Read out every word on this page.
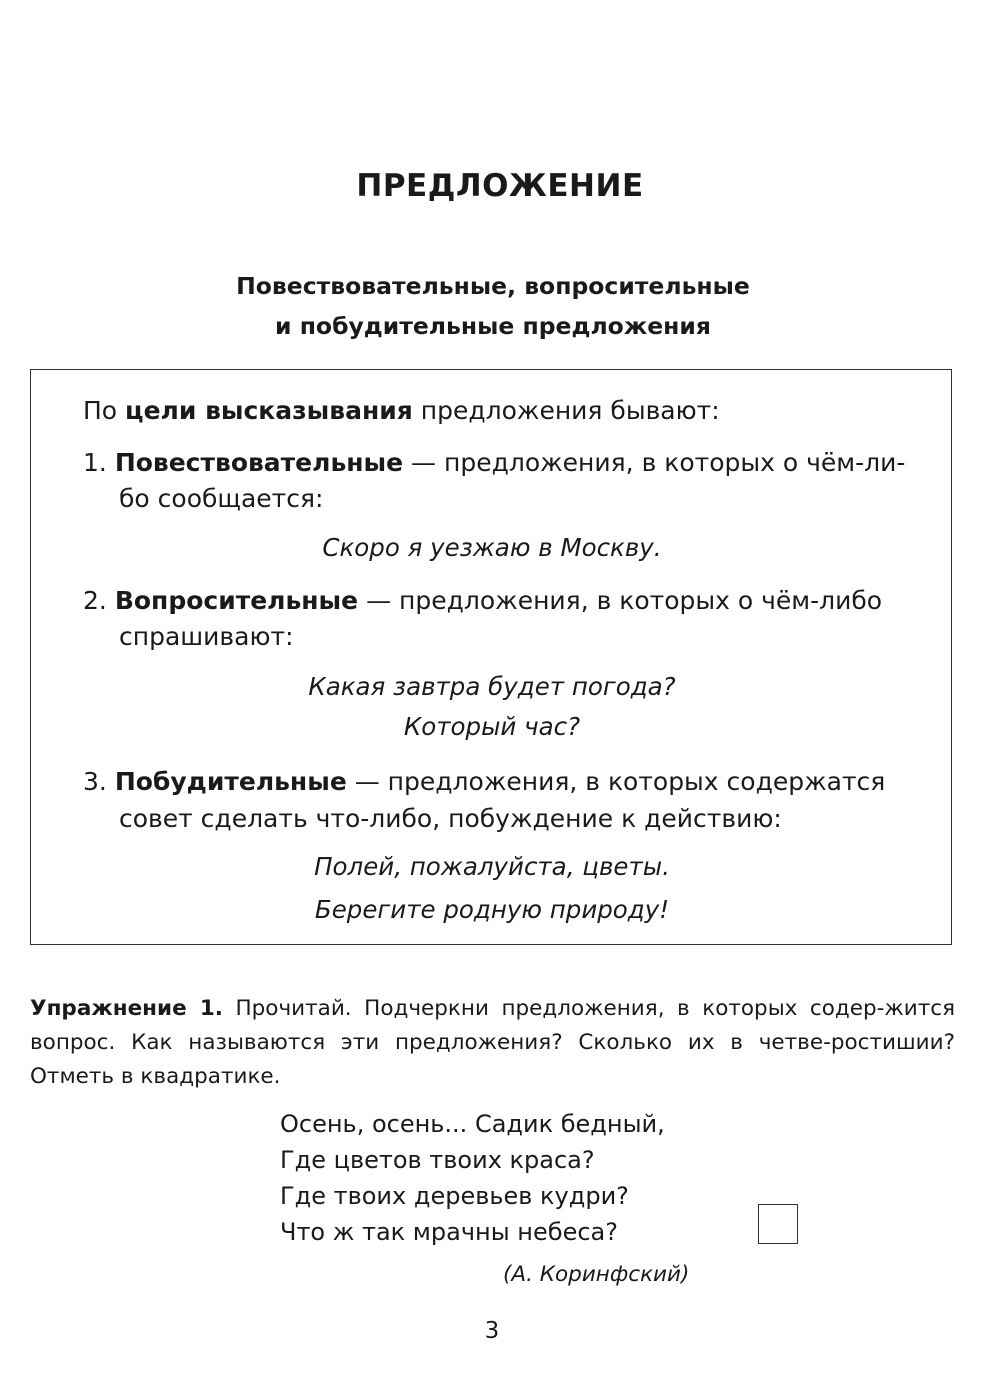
ПРЕДЛОЖЕНИЕ
Повествовательные, вопросительные
и побудительные предложения
По цели высказывания предложения бывают:
1. Повествовательные — предложения, в которых о чём-ли-
бо сообщается:
Скоро я уезжаю в Москву.
2. Вопросительные — предложения, в которых о чём-либо
спрашивают:
Какая завтра будет погода?
Который час?
3. Побудительные — предложения, в которых содержатся
совет сделать что-либо, побуждение к действию:
Полей, пожалуйста, цветы.
Берегите родную природу!
Упражнение 1. Прочитай. Подчеркни предложения, в которых содер-жится вопрос. Как называются эти предложения? Сколько их в четве-ростишии? Отметь в квадратике.
Осень, осень... Садик бедный,
Где цветов твоих краса?
Где твоих деревьев кудри?
Что ж так мрачны небеса?
(А. Коринфский)
3
